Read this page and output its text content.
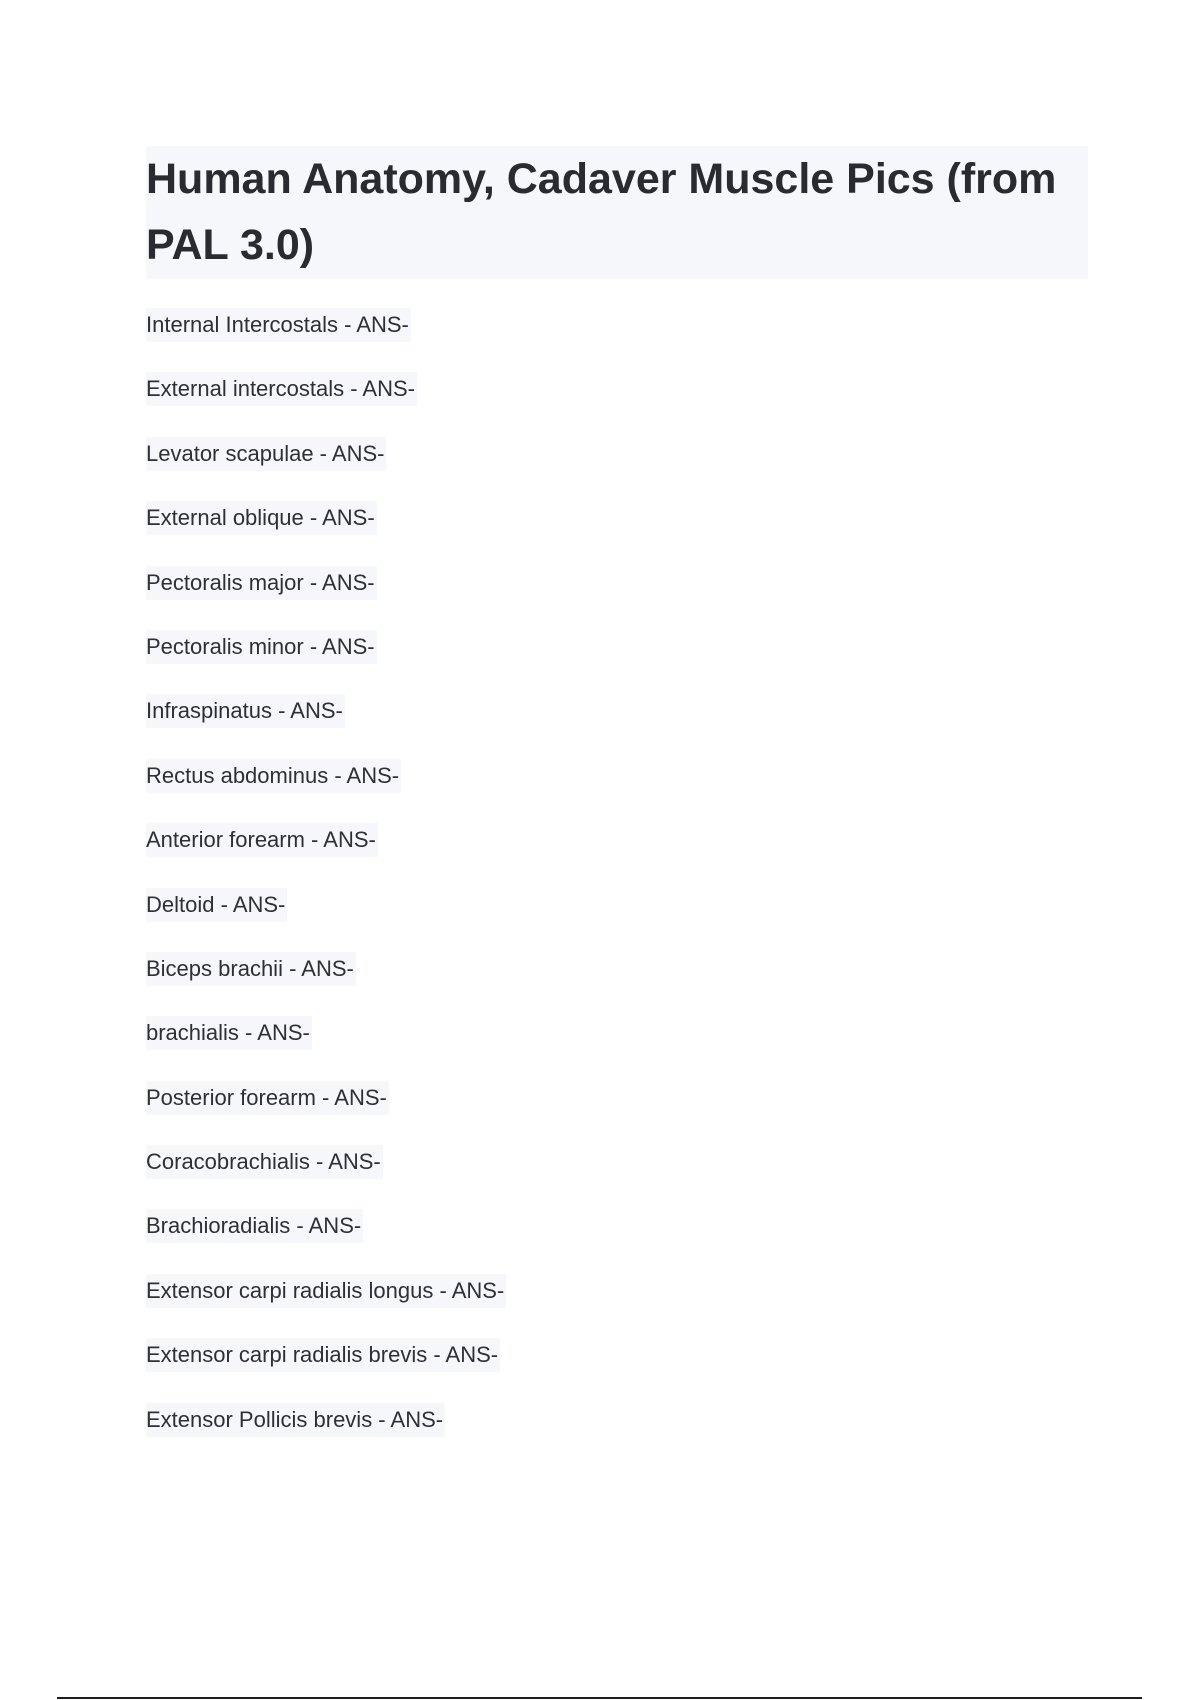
Human Anatomy, Cadaver Muscle Pics (from PAL 3.0)
Internal Intercostals - ANS-
External intercostals - ANS-
Levator scapulae - ANS-
External oblique - ANS-
Pectoralis major - ANS-
Pectoralis minor - ANS-
Infraspinatus - ANS-
Rectus abdominus - ANS-
Anterior forearm - ANS-
Deltoid - ANS-
Biceps brachii - ANS-
brachialis - ANS-
Posterior forearm - ANS-
Coracobrachialis - ANS-
Brachioradialis - ANS-
Extensor carpi radialis longus - ANS-
Extensor carpi radialis brevis - ANS-
Extensor Pollicis brevis - ANS-
